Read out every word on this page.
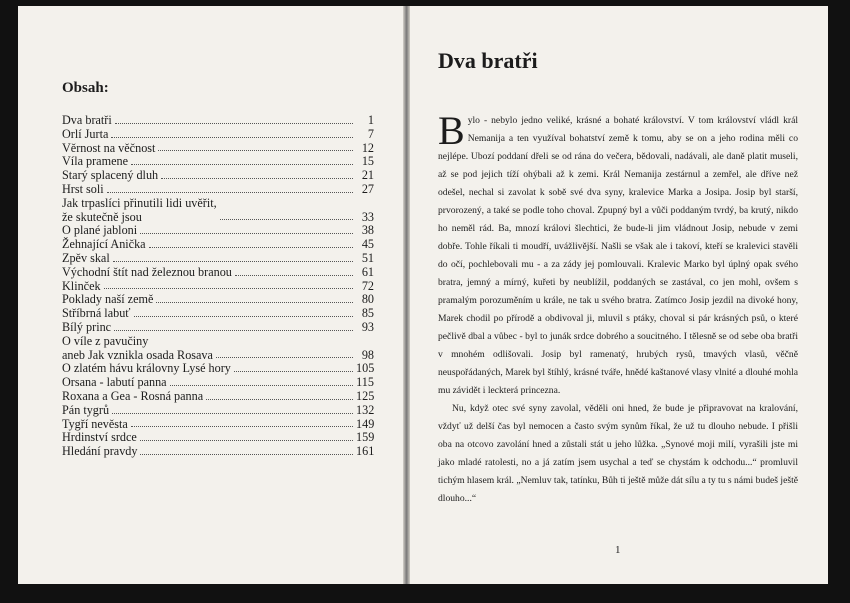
Obsah:
Dva bratři	1
Orlí Jurta	7
Věrnost na věčnost	12
Víla pramene	15
Starý splacený dluh	21
Hrst soli	27
Jak trpaslíci přinutili lidi uvěřit,
že skutečně jsou	33
O plané jabloni	38
Žehnající Anička	45
Zpěv skal	51
Východní štít nad železnou branou	61
Klinček	72
Poklady naší země	80
Stříbrná labuť	85
Bílý princ	93
O víle z pavučiny
aneb Jak vznikla osada Rosava	98
O zlatém hávu královny Lysé hory	105
Orsana - labutí panna	115
Roxana a Gea - Rosná panna	125
Pán tygrů	132
Tygří nevěsta	149
Hrdinství srdce	159
Hledání pravdy	161
Dva bratři

Bylo - nebylo jedno veliké, krásné a bohaté království. V tom království vládl král Nemanija a ten využíval bohatství země k tomu, aby se on a jeho rodina měli co nejlépe. Ubozí poddaní dřeli se od rána do večera, bědovali, nadávali, ale daně platit museli, až se pod jejich tíží ohýbali až k zemi. Král Nemanija zestárnul a zemřel, ale dříve než odešel, nechal si zavolat k sobě své dva syny, kralevice Marka a Josipa. Josip byl starší, prvorozený, a také se podle toho choval. Zpupný byl a vůči poddaným tvrdý, ba krutý, nikdo ho neměl rád. Ba, mnozí královi šlechtici, že bude-li jim vládnout Josip, nebude v zemi dobře. Tohle říkali ti moudří, uvážlivější. Našli se však ale i takoví, kteří se kralevici stavěli do očí, pochlebovali mu - a za zády jej pomlouvali. Kralevic Marko byl úplný opak svého bratra, jemný a mírný, kuřeti by neublížil, poddaných se zastával, co jen mohl, ovšem s pramalým porozuměním u krále, ne tak u svého bratra. Zatímco Josip jezdil na divoké hony, Marek chodil po přírodě a obdivoval ji, mluvil s ptáky, choval si pár krásných psů, o které pečlivě dbal a vůbec - byl to junák srdce dobrého a soucitného. I tělesně se od sebe oba bratři v mnohém odlišovali. Josip byl ramenatý, hrubých rysů, tmavých vlasů, věčně neuspořádaných, Marek byl štíhlý, krásné tváře, hnědé kaštanové vlasy vlnité a dlouhé mohla mu závidět i leckterá princezna.

Nu, když otec své syny zavolal, věděli oni hned, že bude je připravovat na kralování, vždyť už delší čas byl nemocen a často svým synům říkal, že už tu dlouho nebude. I přišli oba na otcovo zavolání hned a zůstali stát u jeho lůžka. „Synové moji milí, vyrašili jste mi jako mladé ratolesti, no a já zatím jsem usychal a teď se chystám k odchodu...“ promluvil tichým hlasem král. „Nemluv tak, tatínku, Bůh ti ještě může dát sílu a ty tu s námi budeš ještě dlouho...“

1
